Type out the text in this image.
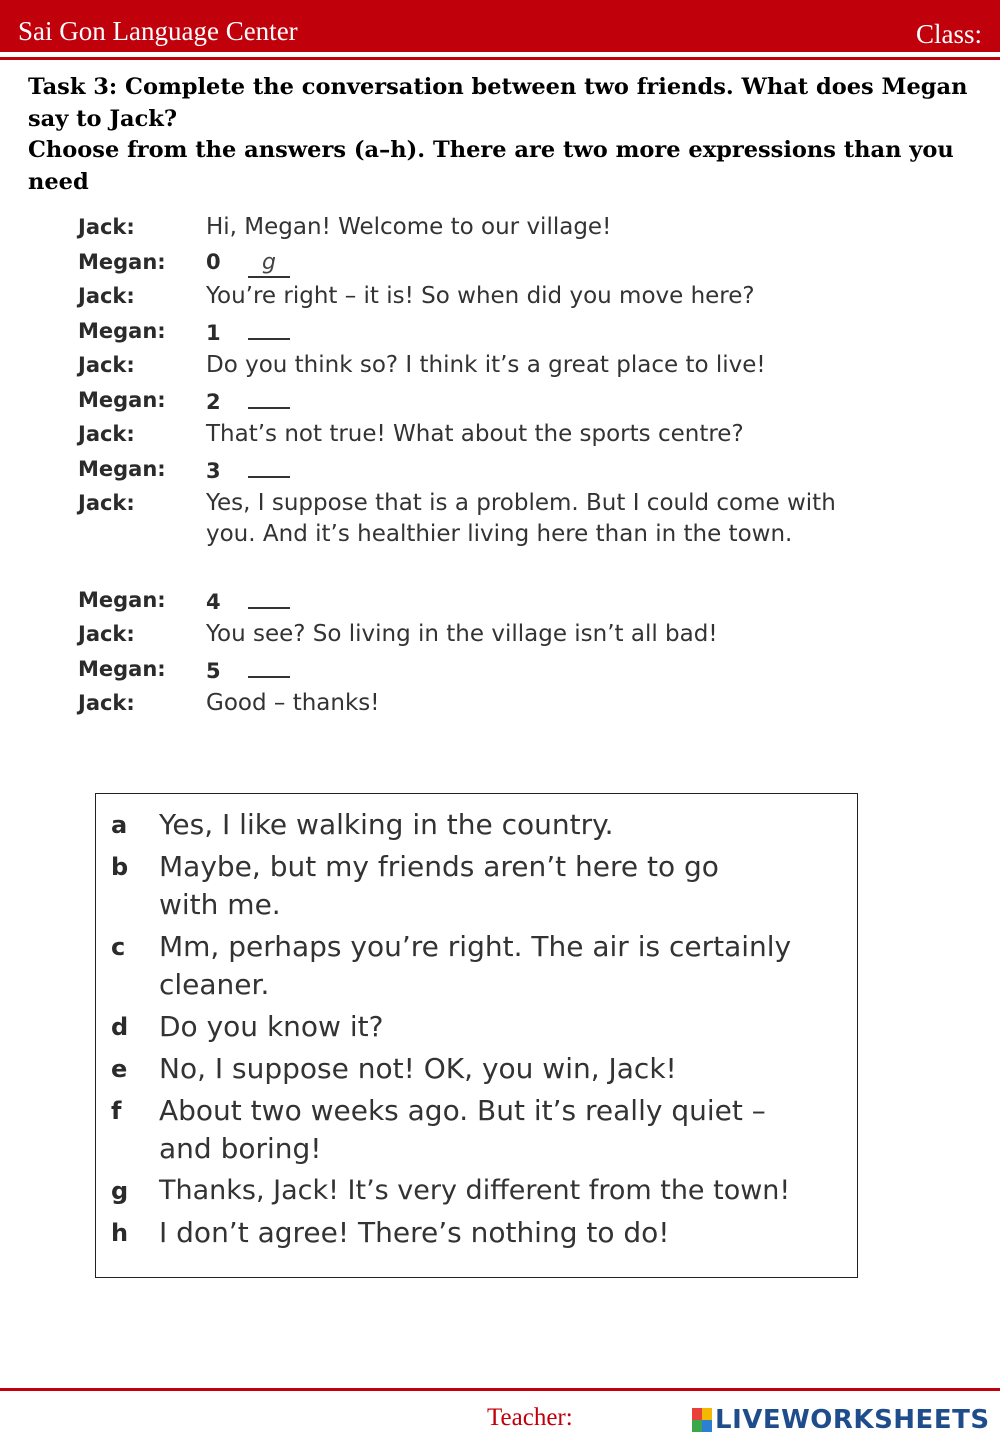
Sai Gon Language Center	Class:

Task 3: Complete the conversation between two friends. What does Megan say to Jack?

Choose from the answers (a–h). There are two more expressions than you need

Jack:	Hi, Megan! Welcome to our village!
Megan:	0 g
Jack:	You’re right – it is! So when did you move here?
Megan:	1
Jack:	Do you think so? I think it’s a great place to live!
Megan:	2
Jack:	That’s not true! What about the sports centre?
Megan:	3
Jack:	Yes, I suppose that is a problem. But I could come with you. And it’s healthier living here than in the town.
Megan:	4
Jack:	You see? So living in the village isn’t all bad!
Megan:	5
Jack:	Good – thanks!
a	Yes, I like walking in the country.
b	Maybe, but my friends aren’t here to go with me.
c	Mm, perhaps you’re right. The air is certainly cleaner.
d	Do you know it?
e	No, I suppose not! OK, you win, Jack!
f	About two weeks ago. But it’s really quiet – and boring!
g	Thanks, Jack! It’s very different from the town!
h	I don’t agree! There’s nothing to do!
Teacher:	LIVEWORKSHEETS
